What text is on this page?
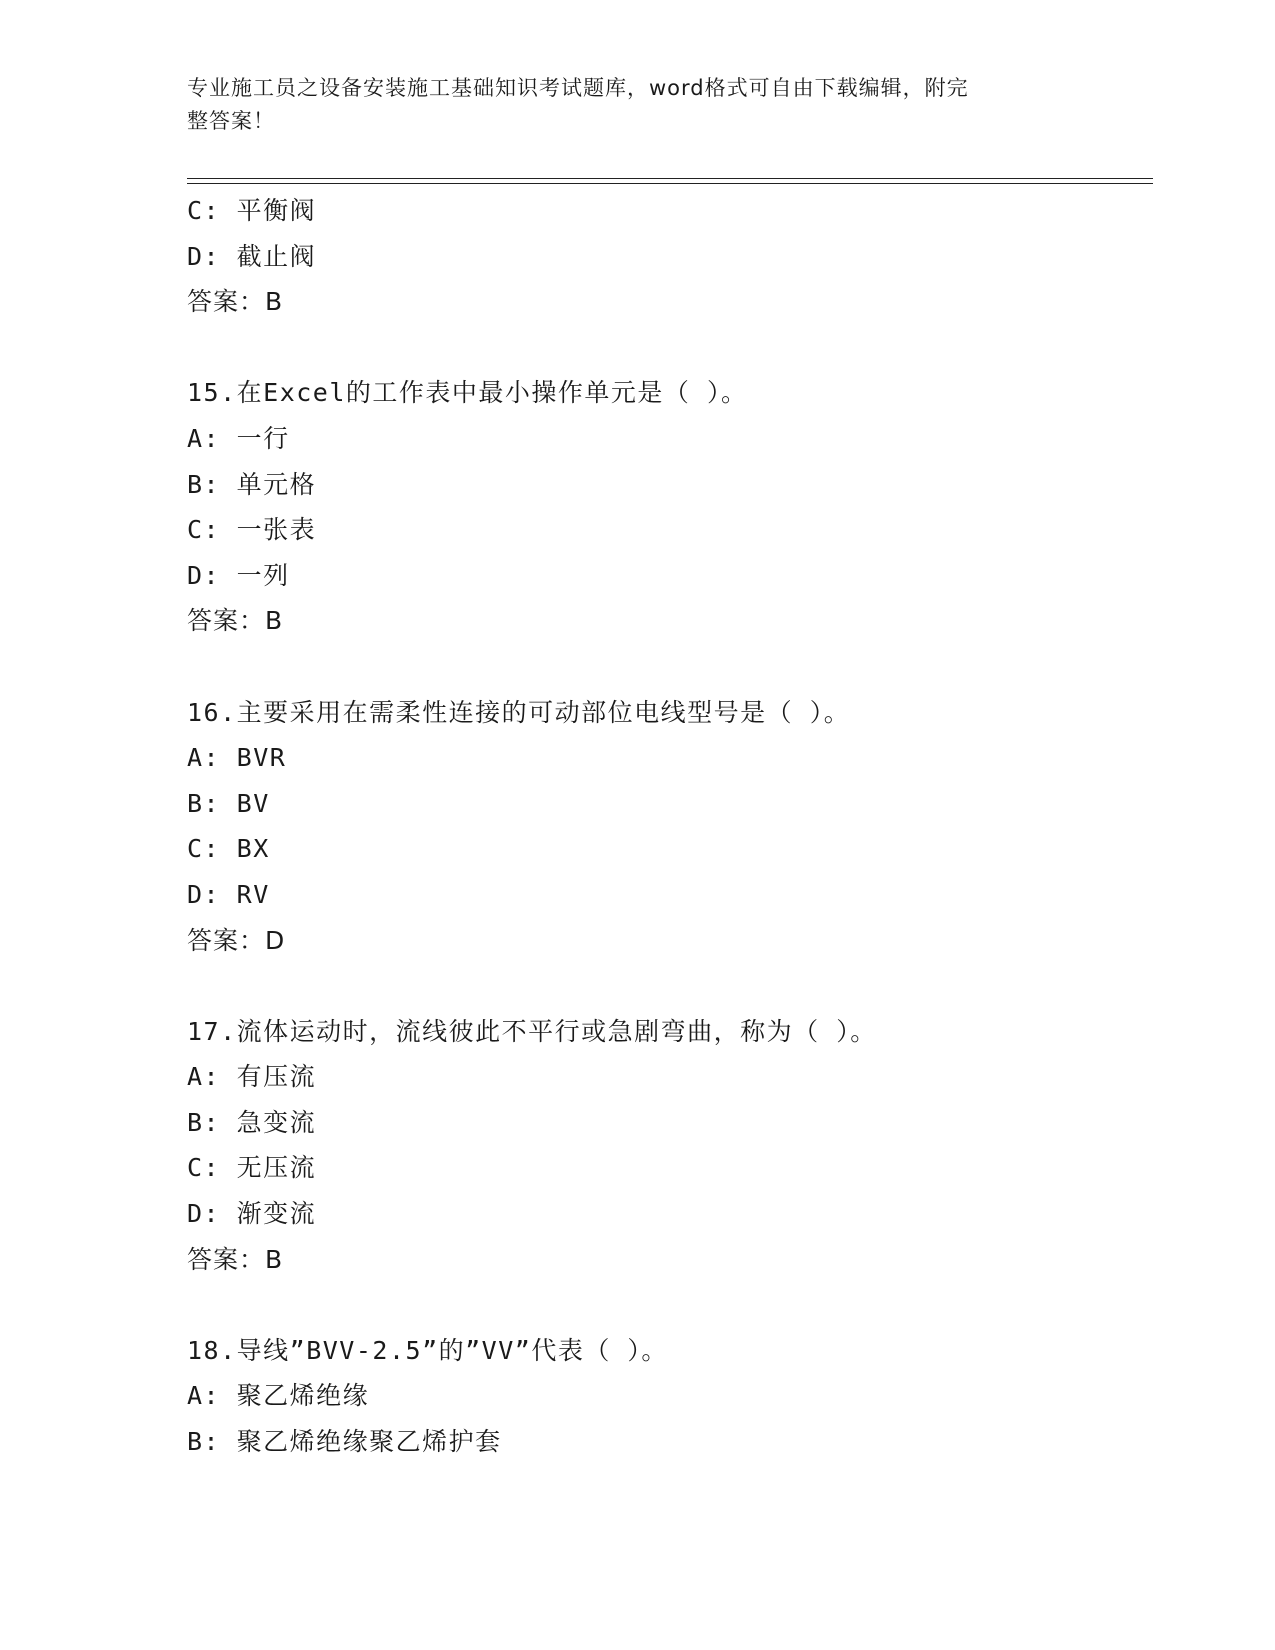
专业施工员之设备安装施工基础知识考试题库，word格式可自由下载编辑，附完
整答案！
C: 平衡阀
D: 截止阀
答案：B
15.在Excel的工作表中最小操作单元是（ ）。
A: 一行
B: 单元格
C: 一张表
D: 一列
答案：B
16.主要采用在需柔性连接的可动部位电线型号是（ ）。
A: BVR
B: BV
C: BX
D: RV
答案：D
17.流体运动时，流线彼此不平行或急剧弯曲，称为（ ）。
A: 有压流
B: 急变流
C: 无压流
D: 渐变流
答案：B
18.导线”BVV-2.5”的”VV”代表（ ）。
A: 聚乙烯绝缘
B: 聚乙烯绝缘聚乙烯护套
